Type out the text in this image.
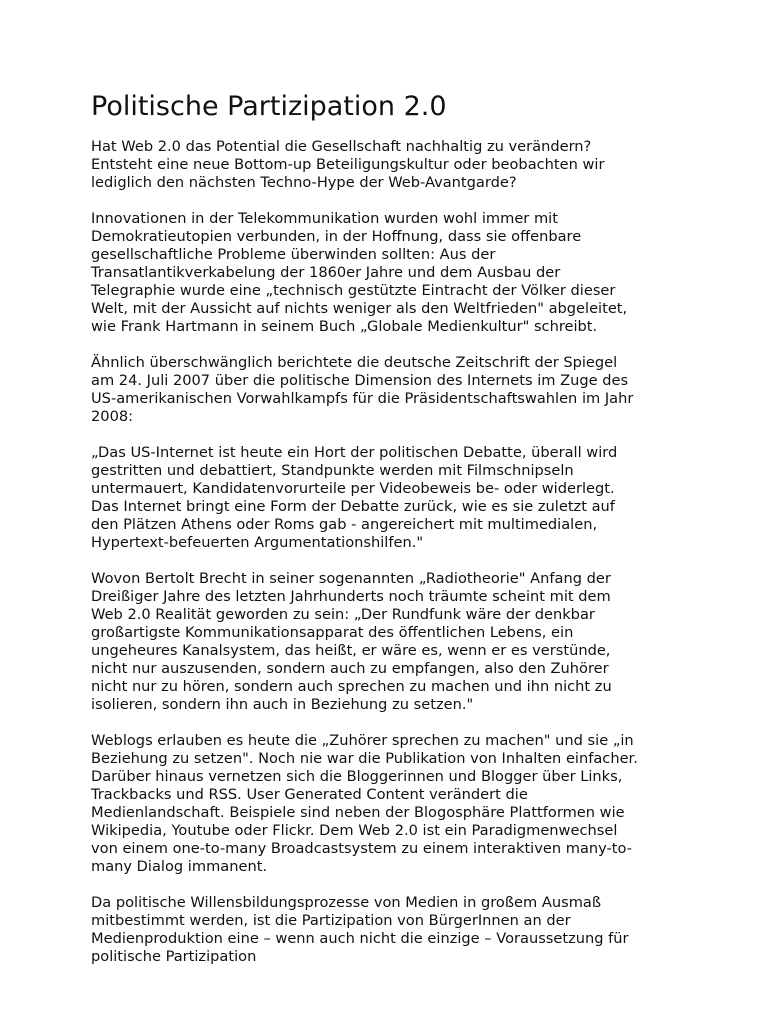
Politische Partizipation 2.0

Hat Web 2.0 das Potential die Gesellschaft nachhaltig zu verändern?
Entsteht eine neue Bottom-up Beteiligungskultur oder beobachten wir
lediglich den nächsten Techno-Hype der Web-Avantgarde?

Innovationen in der Telekommunikation wurden wohl immer mit
Demokratieutopien verbunden, in der Hoffnung, dass sie offenbare
gesellschaftliche Probleme überwinden sollten: Aus der
Transatlantikverkabelung der 1860er Jahre und dem Ausbau der
Telegraphie wurde eine „technisch gestützte Eintracht der Völker dieser
Welt, mit der Aussicht auf nichts weniger als den Weltfrieden" abgeleitet,
wie Frank Hartmann in seinem Buch „Globale Medienkultur" schreibt.

Ähnlich überschwänglich berichtete die deutsche Zeitschrift der Spiegel
am 24. Juli 2007 über die politische Dimension des Internets im Zuge des
US-amerikanischen Vorwahlkampfs für die Präsidentschaftswahlen im Jahr
2008:

„Das US-Internet ist heute ein Hort der politischen Debatte, überall wird
gestritten und debattiert, Standpunkte werden mit Filmschnipseln
untermauert, Kandidatenvorurteile per Videobeweis be- oder widerlegt.
Das Internet bringt eine Form der Debatte zurück, wie es sie zuletzt auf
den Plätzen Athens oder Roms gab - angereichert mit multimedialen,
Hypertext-befeuerten Argumentationshilfen."

Wovon Bertolt Brecht in seiner sogenannten „Radiotheorie" Anfang der
Dreißiger Jahre des letzten Jahrhunderts noch träumte scheint mit dem
Web 2.0 Realität geworden zu sein: „Der Rundfunk wäre der denkbar
großartigste Kommunikationsapparat des öffentlichen Lebens, ein
ungeheures Kanalsystem, das heißt, er wäre es, wenn er es verstünde,
nicht nur auszusenden, sondern auch zu empfangen, also den Zuhörer
nicht nur zu hören, sondern auch sprechen zu machen und ihn nicht zu
isolieren, sondern ihn auch in Beziehung zu setzen."

Weblogs erlauben es heute die „Zuhörer sprechen zu machen" und sie „in
Beziehung zu setzen". Noch nie war die Publikation von Inhalten einfacher.
Darüber hinaus vernetzen sich die Bloggerinnen und Blogger über Links,
Trackbacks und RSS. User Generated Content verändert die
Medienlandschaft. Beispiele sind neben der Blogosphäre Plattformen wie
Wikipedia, Youtube oder Flickr. Dem Web 2.0 ist ein Paradigmenwechsel
von einem one-to-many Broadcastsystem zu einem interaktiven many-to-
many Dialog immanent.

Da politische Willensbildungsprozesse von Medien in großem Ausmaß
mitbestimmt werden, ist die Partizipation von BürgerInnen an der
Medienproduktion eine – wenn auch nicht die einzige – Voraussetzung für
politische Partizipation
